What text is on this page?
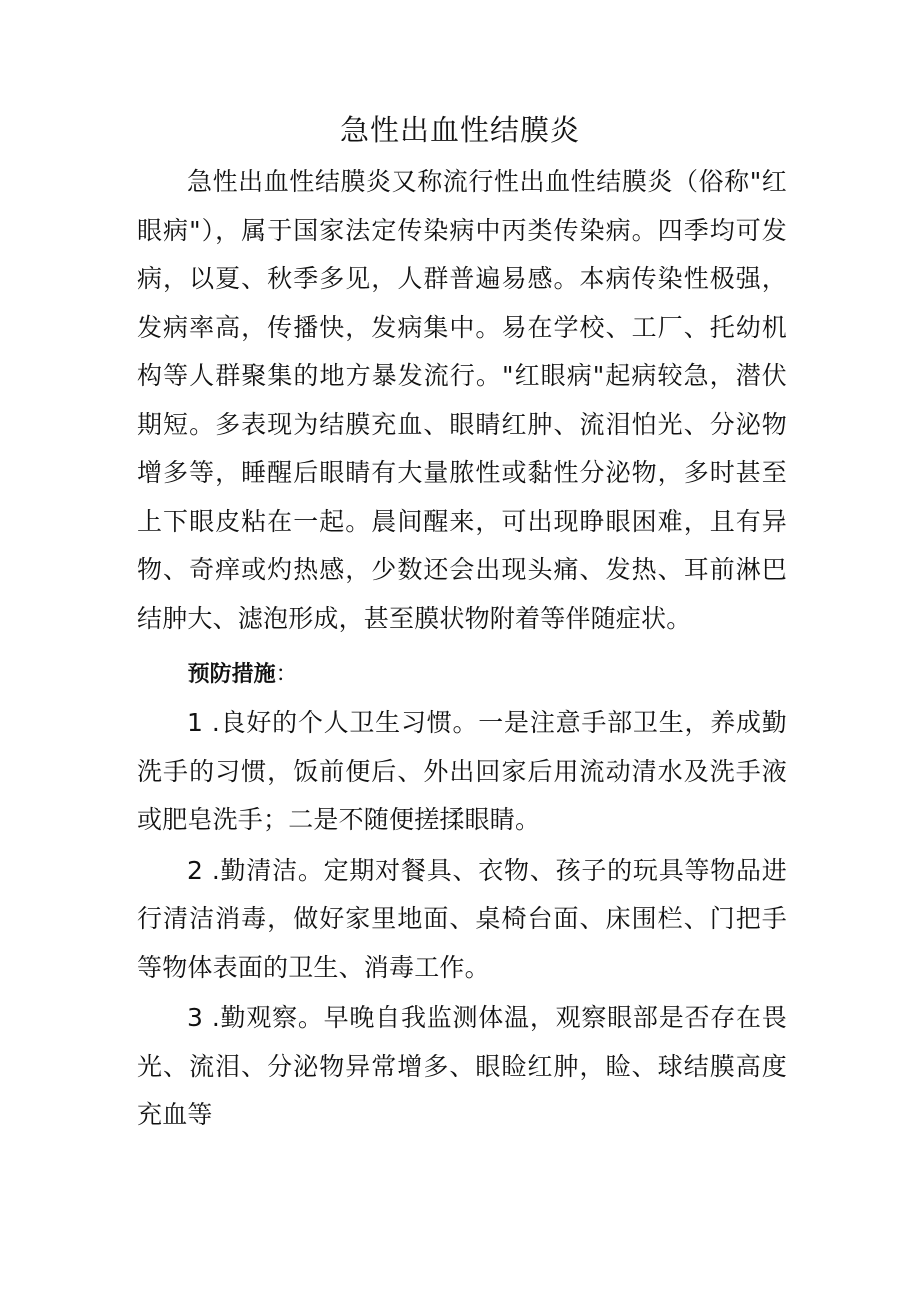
急性出血性结膜炎

急性出血性结膜炎又称流行性出血性结膜炎（俗称"红眼病"），属于国家法定传染病中丙类传染病。四季均可发病，以夏、秋季多见，人群普遍易感。本病传染性极强，发病率高，传播快，发病集中。易在学校、工厂、托幼机构等人群聚集的地方暴发流行。"红眼病"起病较急，潜伏期短。多表现为结膜充血、眼睛红肿、流泪怕光、分泌物增多等，睡醒后眼睛有大量脓性或黏性分泌物，多时甚至上下眼皮粘在一起。晨间醒来，可出现睁眼困难，且有异物、奇痒或灼热感，少数还会出现头痛、发热、耳前淋巴结肿大、滤泡形成，甚至膜状物附着等伴随症状。

预防措施：

1 .良好的个人卫生习惯。一是注意手部卫生，养成勤洗手的习惯，饭前便后、外出回家后用流动清水及洗手液或肥皂洗手；二是不随便搓揉眼睛。

2 .勤清洁。定期对餐具、衣物、孩子的玩具等物品进行清洁消毒，做好家里地面、桌椅台面、床围栏、门把手等物体表面的卫生、消毒工作。

3 .勤观察。早晚自我监测体温，观察眼部是否存在畏光、流泪、分泌物异常增多、眼睑红肿，睑、球结膜高度充血等
